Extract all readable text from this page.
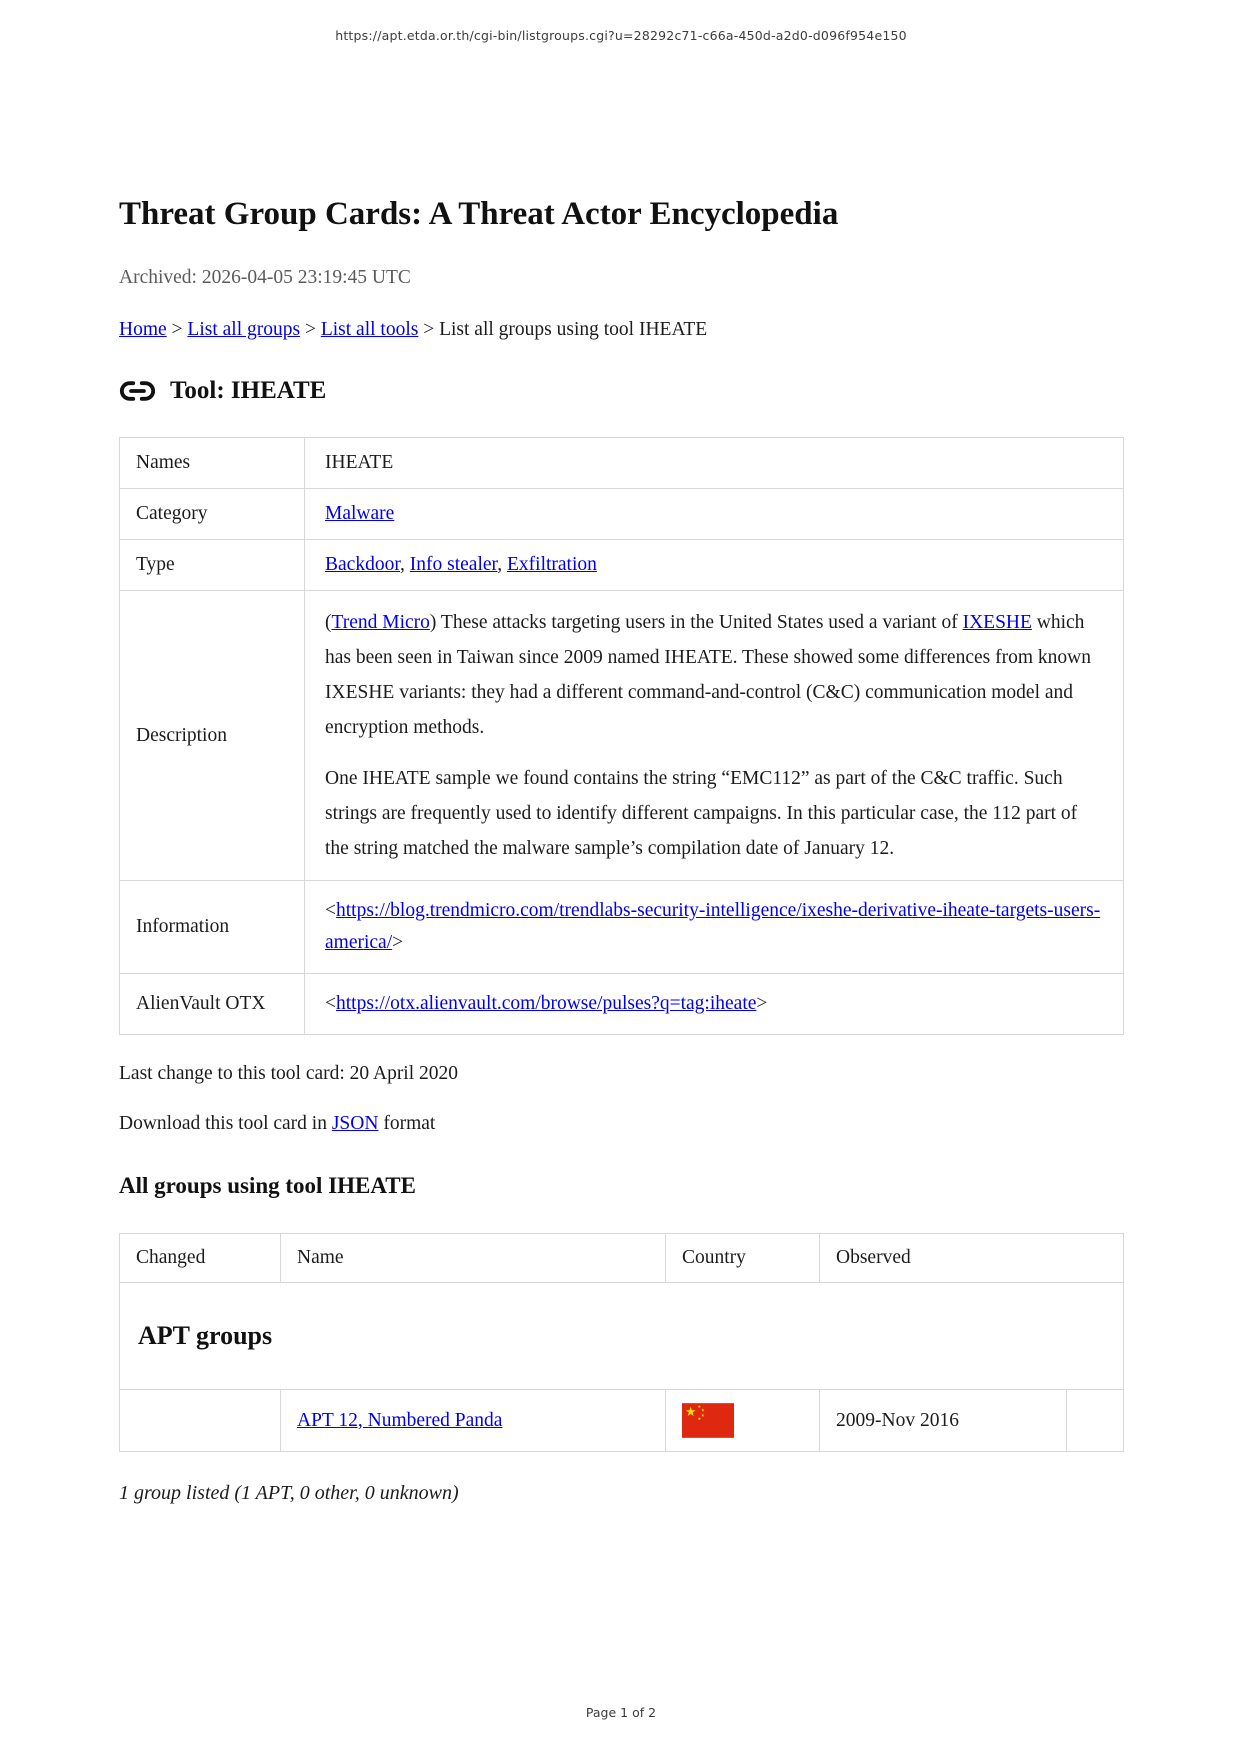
https://apt.etda.or.th/cgi-bin/listgroups.cgi?u=28292c71-c66a-450d-a2d0-d096f954e150
Threat Group Cards: A Threat Actor Encyclopedia

Archived: 2026-04-05 23:19:45 UTC

Home > List all groups > List all tools > List all groups using tool IHEATE

Tool: IHEATE
Names	IHEATE
Category	Malware
Type	Backdoor, Info stealer, Exfiltration
Description	(Trend Micro) These attacks targeting users in the United States used a variant of IXESHE which has been seen in Taiwan since 2009 named IHEATE. These showed some differences from known IXESHE variants: they had a different command-and-control (C&C) communication model and encryption methods.

One IHEATE sample we found contains the string “EMC112” as part of the C&C traffic. Such strings are frequently used to identify different campaigns. In this particular case, the 112 part of the string matched the malware sample’s compilation date of January 12.

Information	<https://blog.trendmicro.com/trendlabs-security-intelligence/ixeshe-derivative-iheate-targets-users-america/>
AlienVault OTX	<https://otx.alienvault.com/browse/pulses?q=tag:iheate>

Last change to this tool card: 20 April 2020

Download this tool card in JSON format

All groups using tool IHEATE
Changed	Name	Country	Observed	

APT groups				

	APT 12, Numbered Panda		2009-Nov 2016	

1 group listed (1 APT, 0 other, 0 unknown)

Page 1 of 2
